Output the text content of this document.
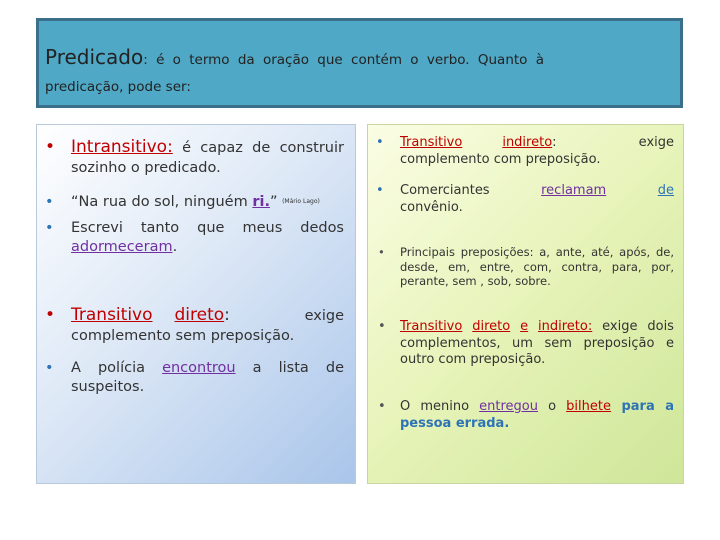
Predicado: é o termo da oração que contém o verbo. Quanto à
predicação, pode ser:
• Intransitivo: é capaz de construir sozinho o predicado.
•	“Na rua do sol, ninguém ri.” (Mário Lago)
•	Escrevi tanto que meus dedos adormeceram.
• Transitivo direto:	exige complemento sem preposição.
•	A polícia encontrou a lista de suspeitos.
•	Transitivo	indireto:	exige complemento com preposição.
•	Comerciantes reclamam	de
convênio.
•	Principais preposições: a, ante, até, após, de, desde, em, entre, com, contra, para, por, perante, sem , sob, sobre.
•	Transitivo direto e indireto: exige dois complementos, um sem preposição e outro com preposição.
•	O menino entregou o bilhete para a pessoa errada.
